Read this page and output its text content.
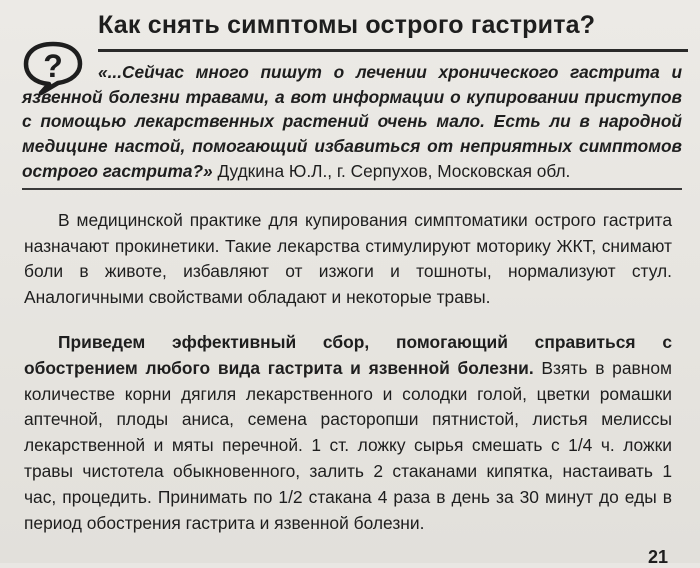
?
Как снять симптомы острого гастрита?
«...Сейчас много пишут о лечении хронического гастрита и язвенной болезни травами, а вот информации о купировании приступов с помощью лекарственных растений очень мало. Есть ли в народной медицине настой, помогающий избавиться от неприятных симптомов острого гастрита?» Дудкина Ю.Л., г. Серпухов, Московская обл.
В медицинской практике для купирования симптоматики острого гастрита назначают прокинетики. Такие лекарства стимулируют моторику ЖКТ, снимают боли в животе, избавляют от изжоги и тошноты, нормализуют стул. Аналогичными свойствами обладают и некоторые травы.
Приведем эффективный сбор, помогающий справиться с обострением любого вида гастрита и язвенной болезни. Взять в равном количестве корни дягиля лекарственного и солодки голой, цветки ромашки аптечной, плоды аниса, семена расторопши пятнистой, листья мелиссы лекарственной и мяты перечной. 1 ст. ложку сырья смешать с 1/4 ч. ложки травы чистотела обыкновенного, залить 2 стаканами кипятка, настаивать 1 час, процедить. Принимать по 1/2 стакана 4 раза в день за 30 минут до еды в период обострения гастрита и язвенной болезни.
21
